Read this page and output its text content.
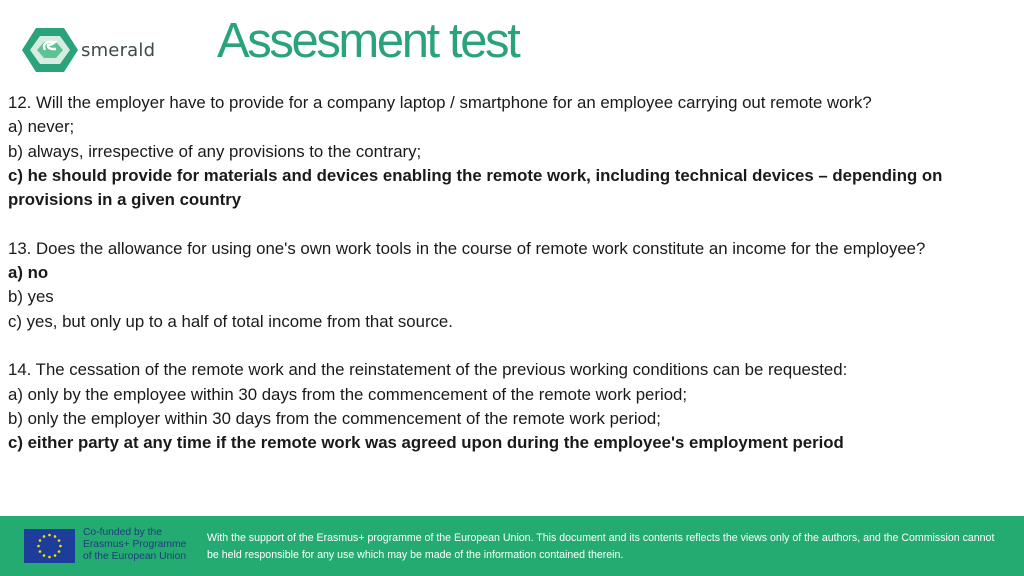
smerald Assesment test

12. Will the employer have to provide for a company laptop / smartphone for an employee carrying out remote work?

a) never;

b) always, irrespective of any provisions to the contrary;

c) he should provide for materials and devices enabling the remote work, including technical devices – depending on provisions in a given country

13. Does the allowance for using one's own work tools in the course of remote work constitute an income for the employee?

a) no

b) yes

c) yes, but only up to a half of total income from that source.

14. The cessation of the remote work and the reinstatement of the previous working conditions can be requested:

a) only by the employee within 30 days from the commencement of the remote work period;

b) only the employer within 30 days from the commencement of the remote work period;

c) either party at any time if the remote work was agreed upon during the employee's employment period

Co-funded by the
Erasmus+ Programme
of the European Union
With the support of the Erasmus+ programme of the European Union. This document and its contents reflects the views only of the authors, and the Commission cannot be held responsible for any use which may be made of the information contained therein.
